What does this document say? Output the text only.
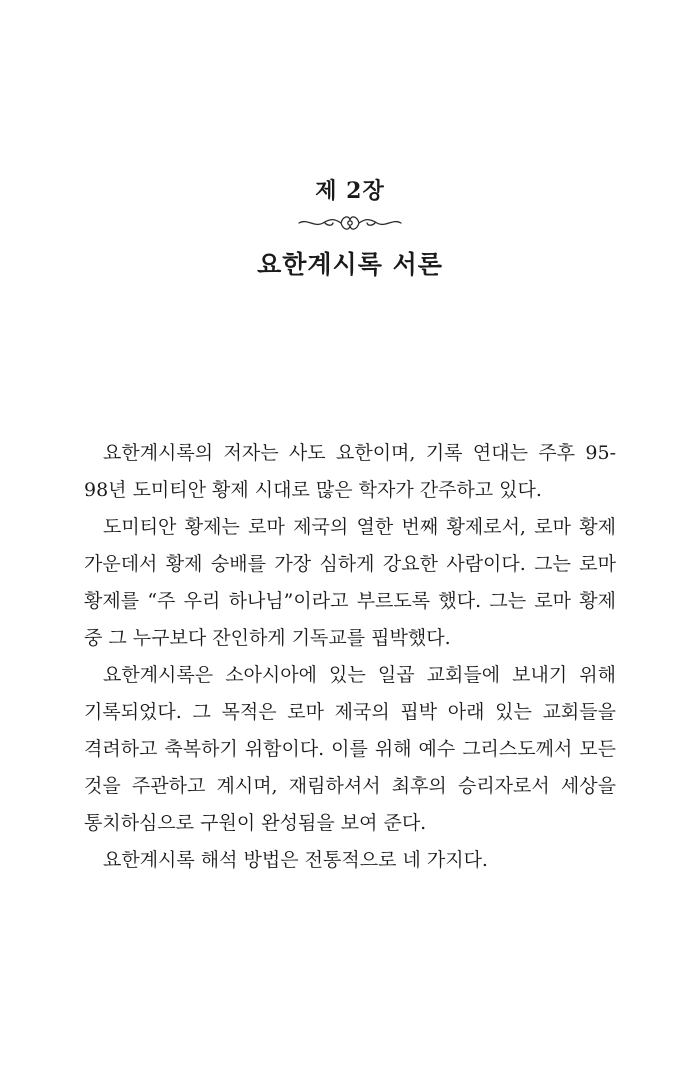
제 2장
요한계시록 서론

요한계시록의 저자는 사도 요한이며, 기록 연대는 주후 95-98년 도미티안 황제 시대로 많은 학자가 간주하고 있다.

도미티안 황제는 로마 제국의 열한 번째 황제로서, 로마 황제 가운데서 황제 숭배를 가장 심하게 강요한 사람이다. 그는 로마 황제를 “주 우리 하나님”이라고 부르도록 했다. 그는 로마 황제 중 그 누구보다 잔인하게 기독교를 핍박했다.

요한계시록은 소아시아에 있는 일곱 교회들에 보내기 위해 기록되었다. 그 목적은 로마 제국의 핍박 아래 있는 교회들을 격려하고 축복하기 위함이다. 이를 위해 예수 그리스도께서 모든 것을 주관하고 계시며, 재림하셔서 최후의 승리자로서 세상을 통치하심으로 구원이 완성됨을 보여 준다.

요한계시록 해석 방법은 전통적으로 네 가지다.
